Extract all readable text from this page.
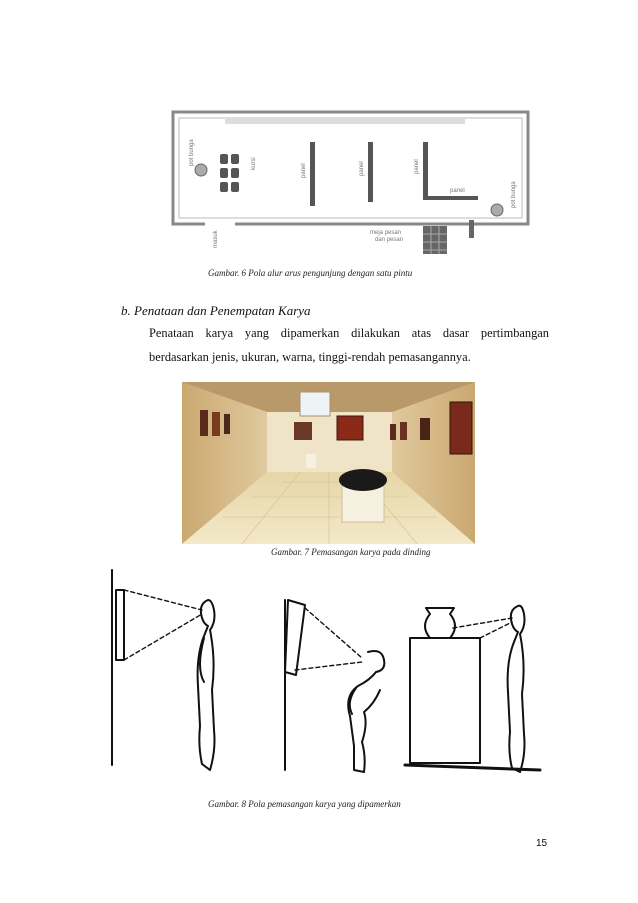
pot bunga	kursi	panel	panel	panel
panel	pot bunga
masuk	meja pesan
dan pesan
Gambar. 6 Pola alur arus pengunjung dengan satu pintu
b. Penataan dan Penempatan Karya
Penataan karya yang dipamerkan dilakukan atas dasar pertimbangan
berdasarkan jenis, ukuran, warna, tinggi-rendah pemasangannya.
Gambar. 7 Pemasangan karya pada dinding
Gambar. 8 Pola pemasangan karya yang dipamerkan
15
